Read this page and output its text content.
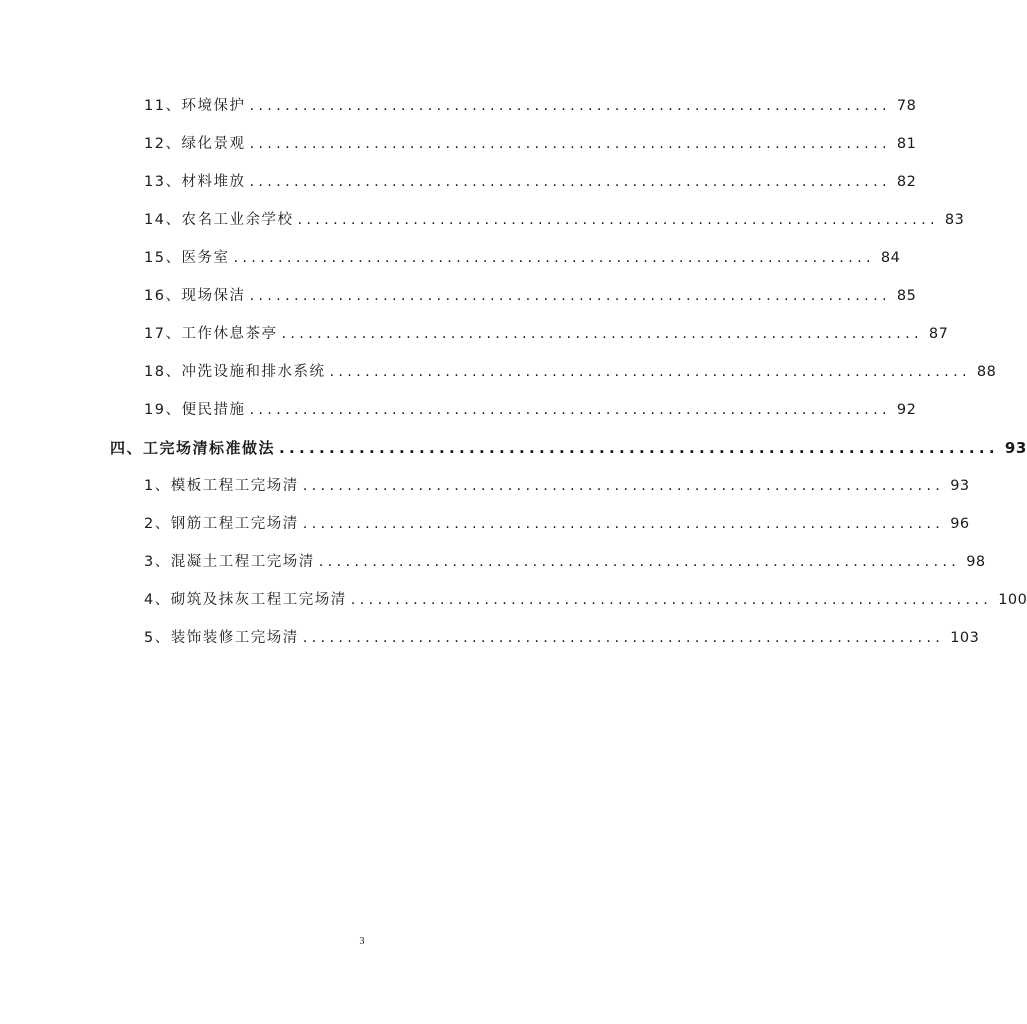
11、环境保护 ........................................................................ 78
12、绿化景观 ........................................................................ 81
13、材料堆放 ........................................................................ 82
14、农名工业余学校 ........................................................................ 83
15、医务室 ........................................................................ 84
16、现场保洁 ........................................................................ 85
17、工作休息茶亭 ........................................................................ 87
18、冲洗设施和排水系统 ........................................................................ 88
19、便民措施 ........................................................................ 92
四、工完场清标准做法 ........................................................................ 93
1、模板工程工完场清 ........................................................................ 93
2、钢筋工程工完场清 ........................................................................ 96
3、混凝土工程工完场清 ........................................................................ 98
4、砌筑及抹灰工程工完场清 ........................................................................ 100
5、装饰装修工完场清 ........................................................................ 103
3
